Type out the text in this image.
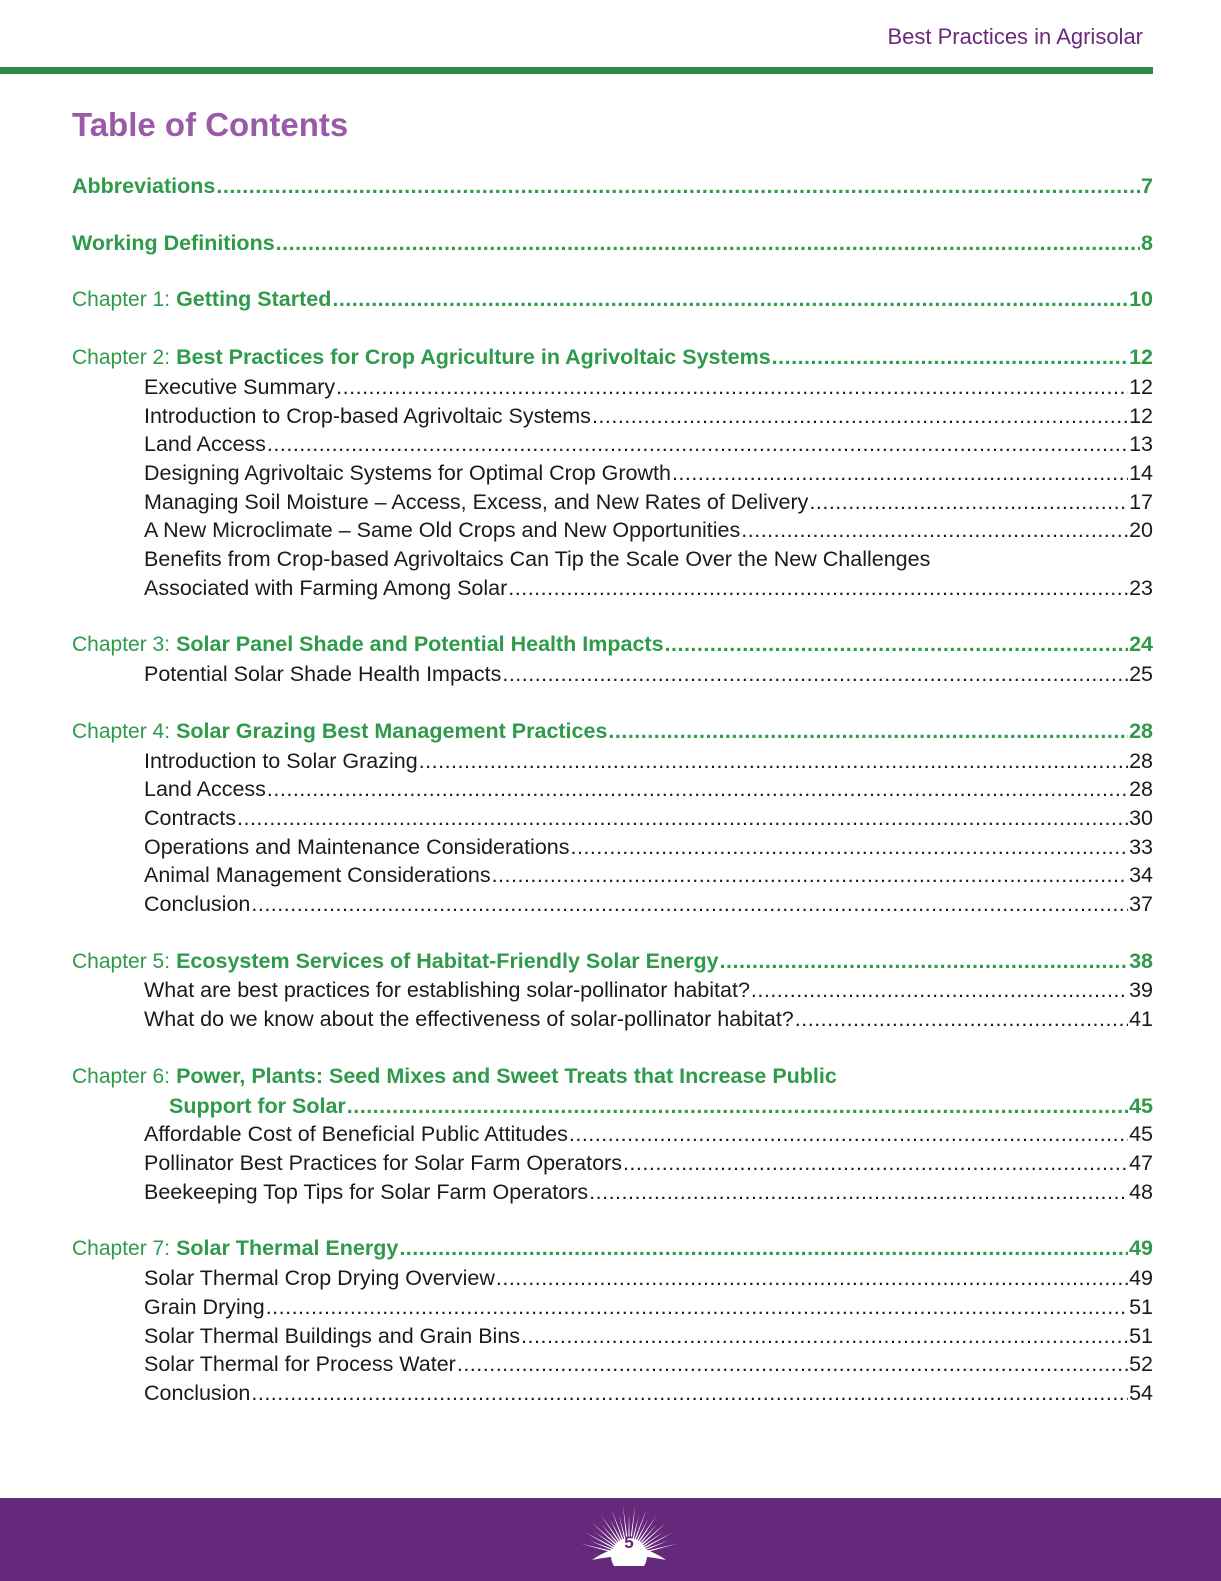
Best Practices in Agrisolar
Table of Contents
Abbreviations .....	7
Working Definitions .....	8
Chapter 1: Getting Started .....	10
Chapter 2: Best Practices for Crop Agriculture in Agrivoltaic Systems .....	12
Executive Summary .....	12
Introduction to Crop-based Agrivoltaic Systems .....	12
Land Access .....	13
Designing Agrivoltaic Systems for Optimal Crop Growth .....	14
Managing Soil Moisture – Access, Excess, and New Rates of Delivery .....	17
A New Microclimate – Same Old Crops and New Opportunities .....	20
Benefits from Crop-based Agrivoltaics Can Tip the Scale Over the New Challenges
Associated with Farming Among Solar .....	23
Chapter 3: Solar Panel Shade and Potential Health Impacts .....	24
Potential Solar Shade Health Impacts .....	25
Chapter 4: Solar Grazing Best Management Practices .....	28
Introduction to Solar Grazing .....	28
Land Access .....	28
Contracts .....	30
Operations and Maintenance Considerations .....	33
Animal Management Considerations .....	34
Conclusion .....	37
Chapter 5: Ecosystem Services of Habitat-Friendly Solar Energy .....	38
What are best practices for establishing solar-pollinator habitat? .....	39
What do we know about the effectiveness of solar-pollinator habitat? .....	41
Chapter 6: Power, Plants: Seed Mixes and Sweet Treats that Increase Public
Support for Solar .....	45
Affordable Cost of Beneficial Public Attitudes .....	45
Pollinator Best Practices for Solar Farm Operators .....	47
Beekeeping Top Tips for Solar Farm Operators .....	48
Chapter 7: Solar Thermal Energy .....	49
Solar Thermal Crop Drying Overview .....	49
Grain Drying .....	51
Solar Thermal Buildings and Grain Bins .....	51
Solar Thermal for Process Water .....	52
Conclusion .....	54
5
